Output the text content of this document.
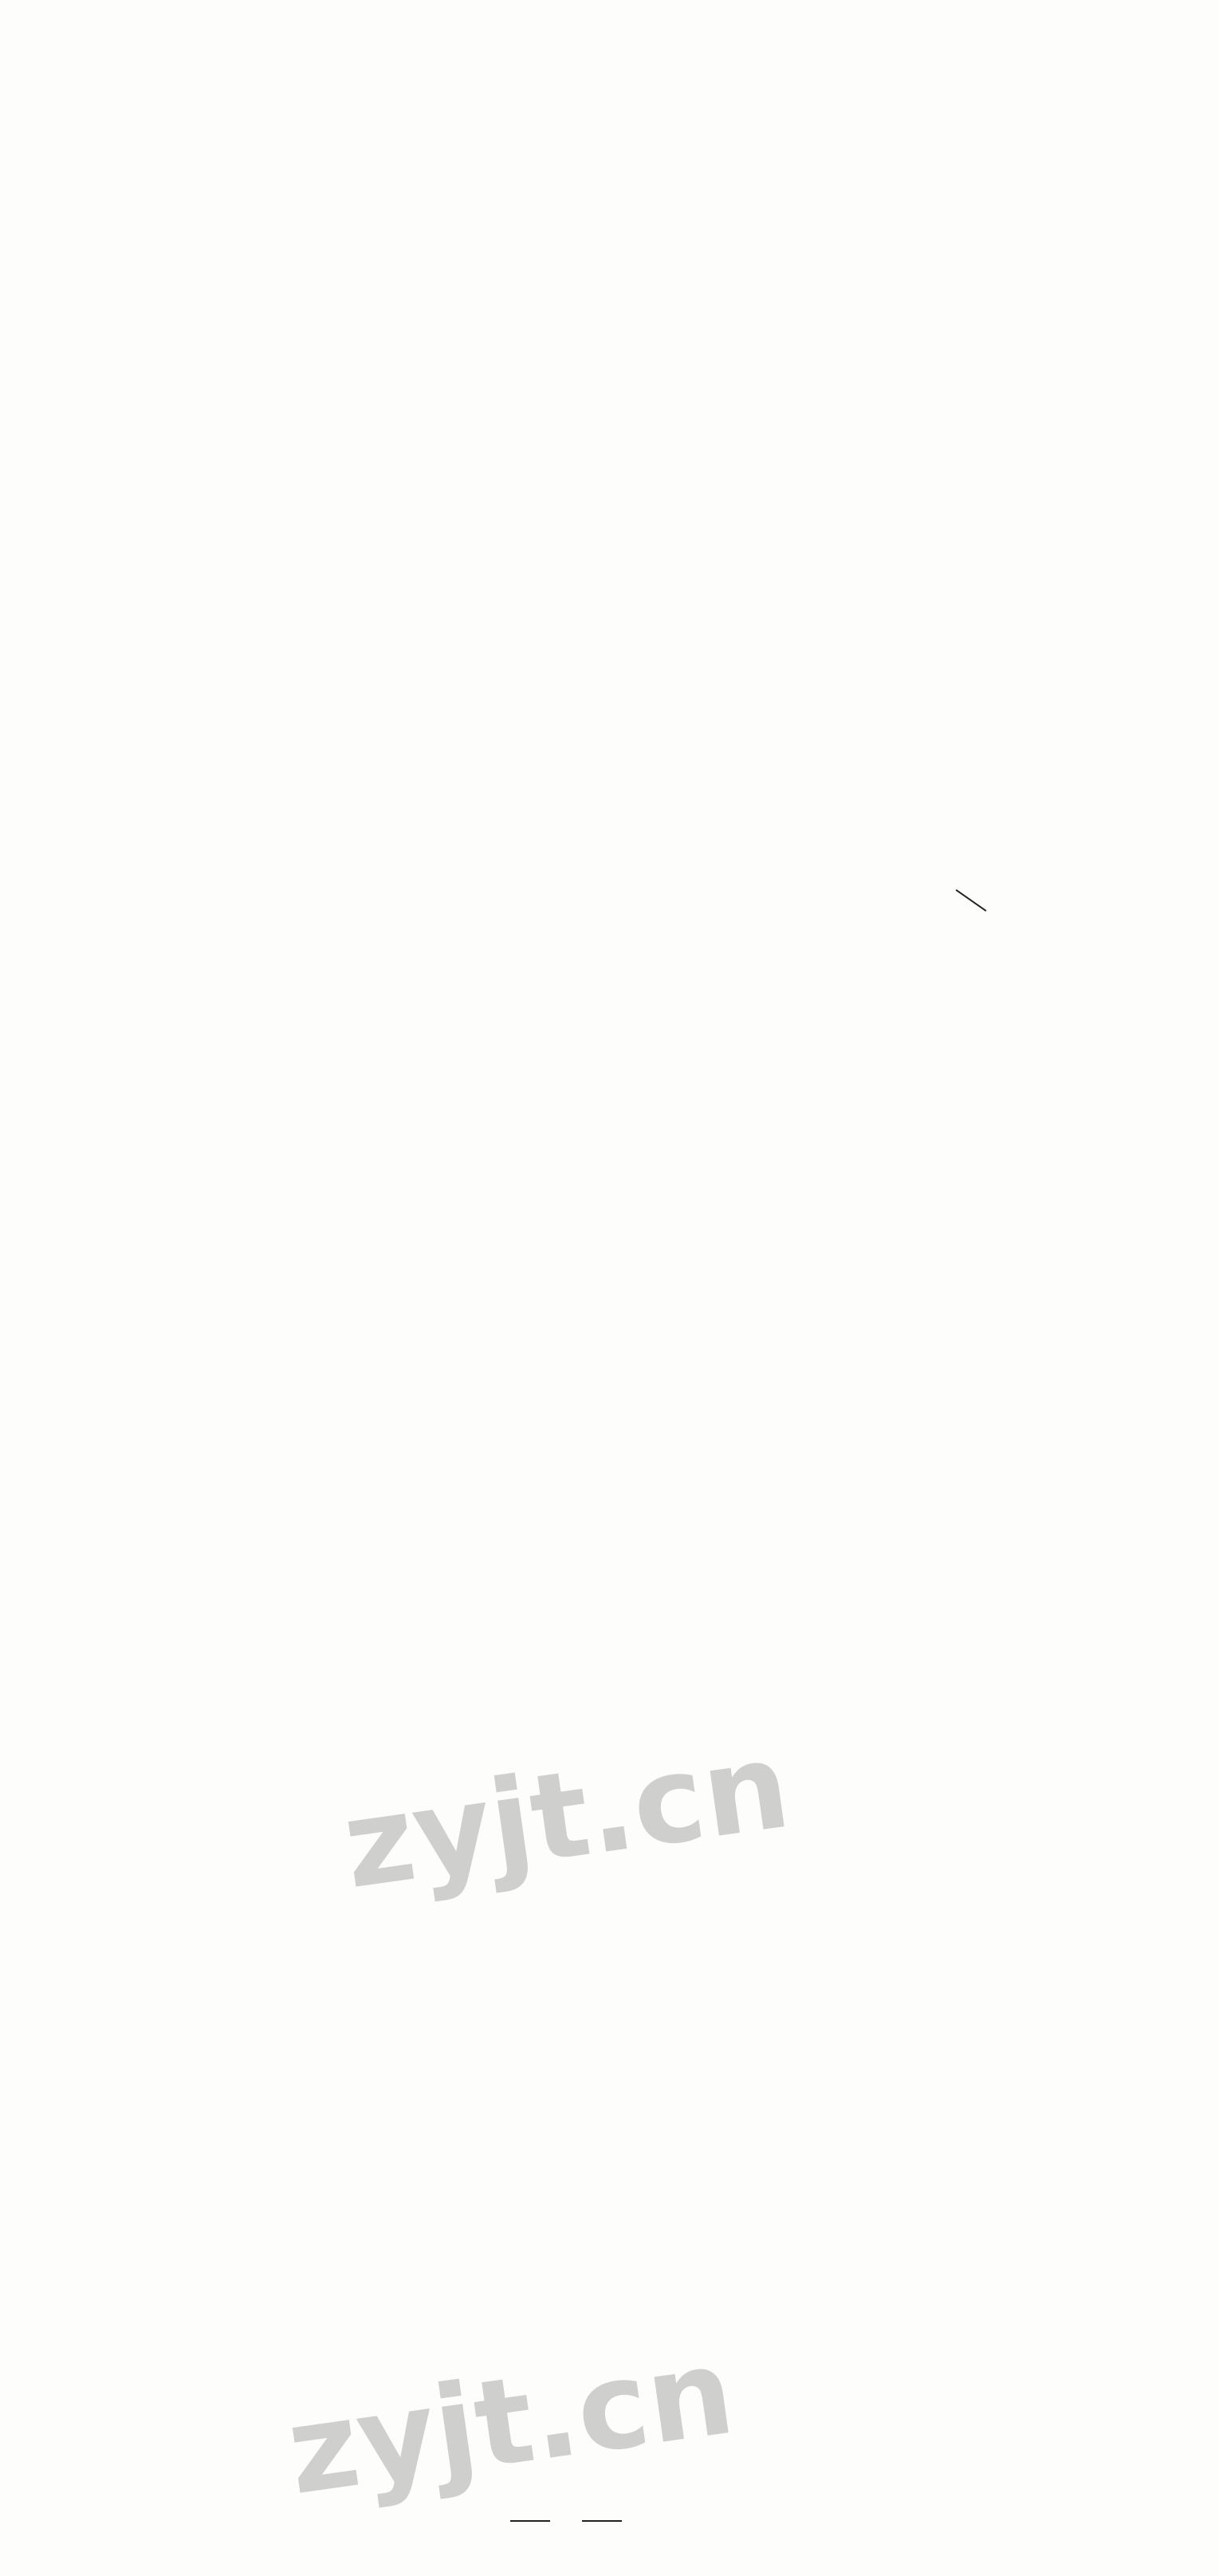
zyjt.cn
zyjt.cn
